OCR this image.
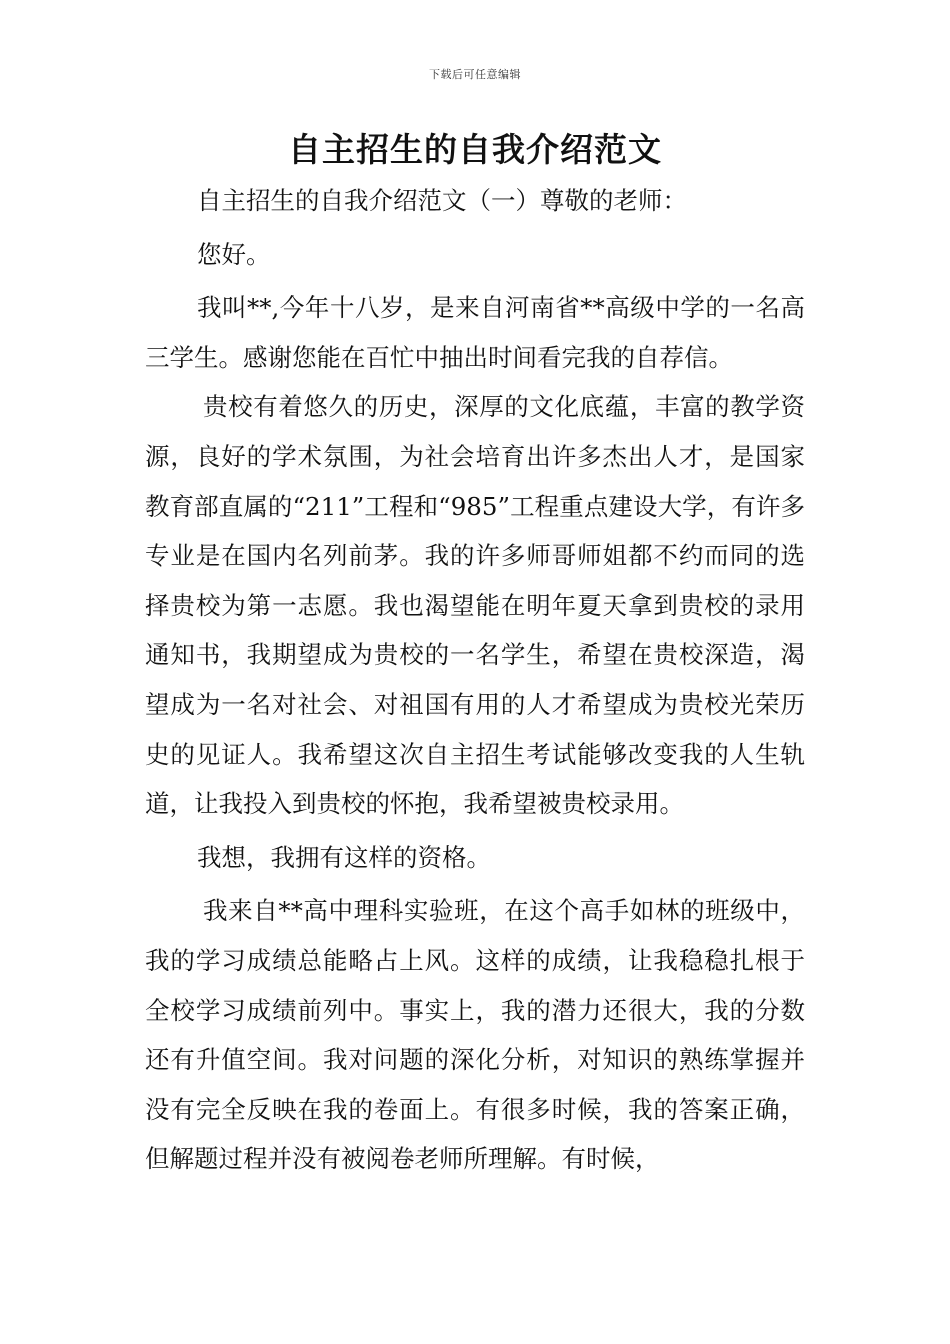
下载后可任意编辑
自主招生的自我介绍范文

自主招生的自我介绍范文（一）尊敬的老师：

您好。

我叫**,今年十八岁，是来自河南省**高级中学的一名高三学生。感谢您能在百忙中抽出时间看完我的自荐信。

贵校有着悠久的历史，深厚的文化底蕴，丰富的教学资源，良好的学术氛围，为社会培育出许多杰出人才，是国家教育部直属的“211”工程和“985”工程重点建设大学，有许多专业是在国内名列前茅。我的许多师哥师姐都不约而同的选择贵校为第一志愿。我也渴望能在明年夏天拿到贵校的录用通知书，我期望成为贵校的一名学生，希望在贵校深造，渴望成为一名对社会、对祖国有用的人才希望成为贵校光荣历史的见证人。我希望这次自主招生考试能够改变我的人生轨道，让我投入到贵校的怀抱，我希望被贵校录用。

我想，我拥有这样的资格。

我来自**高中理科实验班，在这个高手如林的班级中，我的学习成绩总能略占上风。这样的成绩，让我稳稳扎根于全校学习成绩前列中。事实上，我的潜力还很大，我的分数还有升值空间。我对问题的深化分析，对知识的熟练掌握并没有完全反映在我的卷面上。有很多时候，我的答案正确，但解题过程并没有被阅卷老师所理解。有时候，
